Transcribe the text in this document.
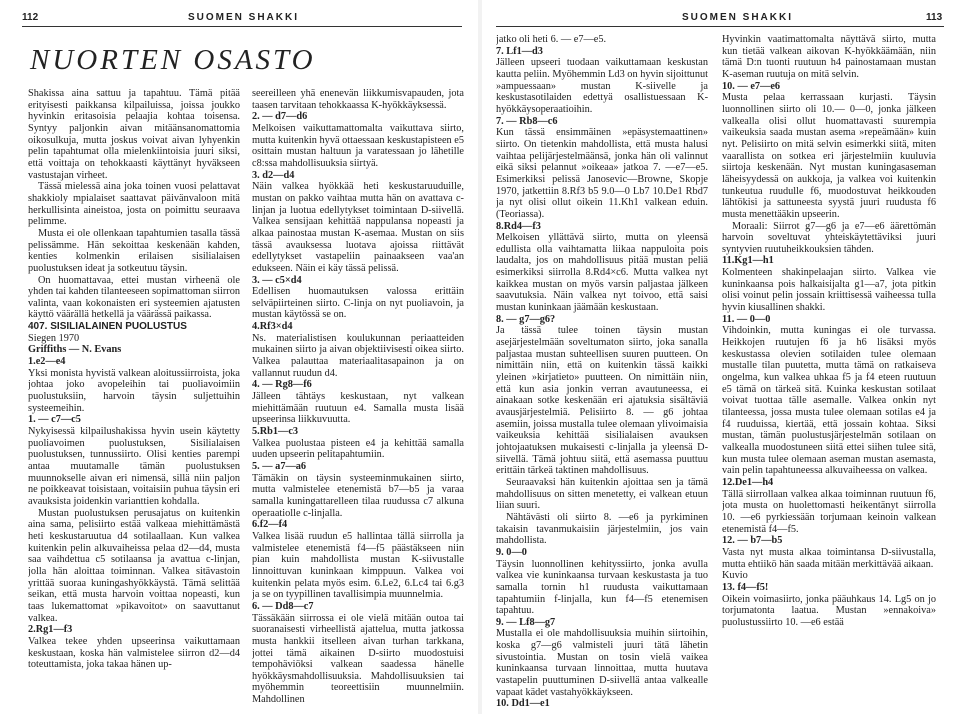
112	SUOMEN SHAKKI
NUORTEN OSASTO

Shakissa aina sattuu ja tapahtuu. Tämä pitää erityisesti paikkansa kilpailuissa, joissa joukko hyvinkin eritasoisia pelaajia kohtaa toisensa. Syntyy paljonkin aivan mitäänsanomattomia oikosulkuja, mutta joskus voivat aivan lyhyenkin pelin tapahtumat olla mielenkiintoisia juuri siksi, että voittaja on tehokkaasti käyttänyt hyväkseen vastustajan virheet.

Tässä mielessä aina joka toinen vuosi pelattavat shakkioly mpialaiset saattavat päivänvaloon mitä herkullisinta aineistoa, josta on poimittu seuraava pelimme.

Musta ei ole ollenkaan tapahtumien tasalla tässä pelissämme. Hän sekoittaa keskenään kahden, kenties kolmenkin erilaisen sisilialaisen puolustuksen ideat ja sotkeutuu täysin.

On huomattavaa, ettei mustan virheenä ole yhden tai kahden tilanteeseen sopimattoman siirron valinta, vaan kokonaisten eri systeemien ajatusten käyttö väärällä hetkellä ja väärässä paikassa.

407. SISILIALAINEN PUOLUSTUS

Siegen 1970

Griffiths — N. Evans

1.e2—e4

Yksi monista hyvistä valkean aloitussiirroista, joka johtaa joko avopeleihin tai puoliavoimiin puolustuksiin, harvoin täysin suljettuihin systeemeihin.

1. — c7—c5

Nykyisessä kilpailushakissa hyvin usein käytetty puoliavoimen puolustuksen, Sisilialaisen puolustuksen, tunnussiirto. Olisi kenties parempi antaa muutamalle tämän puolustuksen muunnokselle aivan eri nimensä, sillä niin paljon ne poikkeavat toisistaan, voitaisiin puhua täysin eri avauksista joidenkin varianttien kohdalla.

Mustan puolustuksen perusajatus on kuitenkin aina sama, pelisiirto estää valkeaa miehittämästä heti keskustaruutua d4 sotilaallaan. Kun valkea kuitenkin pelin alkuvaiheissa pelaa d2—d4, musta saa vaihdettua c5 sotilaansa ja avattua c-linjan, jolla hän aloittaa toiminnan. Valkea sitävastoin yrittää suoraa kuningashyökkäystä. Tämä selittää seikan, että musta harvoin voittaa nopeasti, kun taas lukemattomat »pikavoitot» on saavuttanut valkea.

2.Rg1—f3

Valkea tekee yhden upseerinsa vaikuttamaan keskustaan, koska hän valmistelee siirron d2—d4 toteuttamista, joka takaa hänen up-

seereilleen yhä enenevän liikkumisvapauden, jota taasen tarvitaan tehokkaassa K-hyökkäyksessä.

2. — d7—d6

Melkoisen vaikuttamattomalta vaikuttava siirto, mutta kuitenkin hyvä ottaessaan keskustapisteen e5 osittain mustan haltuun ja varatessaan jo lähetille c8:ssa mahdollisuuksia siirtyä.

3. d2—d4

Näin valkea hyökkää heti keskustaruuduille, mustan on pakko vaihtaa mutta hän on avattava c-linjan ja luotua edellytykset toimintaan D-siivellä. Valkea sensijaan kehittää nappulansa nopeasti ja alkaa painostaa mustan K-asemaa. Mustan on siis tässä avauksessa luotava ajoissa riittävät edellytykset vastapeliin painaakseen vaa'an edukseen. Näin ei käy tässä pelissä.

3. — c5×d4

Edellisen huomautuksen valossa erittäin selväpiirteinen siirto. C-linja on nyt puoliavoin, ja mustan käytössä se on.

4.Rf3×d4

Ns. materialistisen koulukunnan periaatteiden mukainen siirto ja aivan objektiivisesti oikea siirto. Valkea palauttaa materiaalitasapainon ja on vallannut ruudun d4.

4. — Rg8—f6

Jälleen tähtäys keskustaan, nyt valkean miehittämään ruutuun e4. Samalla musta lisää upseerinsa liikkuvuutta.

5.Rb1—c3

Valkea puolustaa pisteen e4 ja kehittää samalla uuden upseerin pelitapahtumiin.

5. — a7—a6

Tämäkin on täysin systeeminmukainen siirto, mutta valmistelee etenemistä b7—b5 ja varaa samalla kuningattarelleen tilaa ruudussa c7 alkuna operaatiolle c-linjalla.

6.f2—f4

Valkea lisää ruudun e5 hallintaa tällä siirrolla ja valmistelee etenemistä f4—f5 päästäkseen niin pian kuin mahdollista mustan K-siivustalle linnoittuvan kuninkaan kimppuun. Valkea voi kuitenkin pelata myös esim. 6.Le2, 6.Lc4 tai 6.g3 ja se on tyypillinen tavallisimpia muunnelmia.

6. — Dd8—c7

Tässäkään siirrossa ei ole vielä mitään outoa tai suoranaisesti virheellistä ajattelua, mutta jatkossa musta hankkii itselleen aivan turhan tarkkana, jottei tämä aikainen D-siirto muodostuisi tempohäviöksi valkean saadessa hänelle hyökkäysmahdollisuuksia. Mahdollisuuksien tai myöhemmin teoreettisiin muunnelmiin. Mahdollinen

SUOMEN SHAKKI	113

jatko oli heti 6. — e7—e5.

7. Lf1—d3

Jälleen upseeri tuodaan vaikuttamaan keskustan kautta peliin. Myöhemmin Ld3 on hyvin sijoittunut »ampuessaan» mustan K-siivelle ja keskustasotilaiden edettyä osallistuessaan K-hyökkäysoperaatioihin.

7. — Rb8—c6

Kun tässä ensimmäinen »epäsystemaattinen» siirto. On tietenkin mahdollista, että musta halusi vaihtaa pelijärjestelmäänsä, jonka hän oli valinnut eikä siksi pelannut »oikeaa» jatkoa 7. —e7—e5. Esimerkiksi pelissä Janosevic—Browne, Skopje 1970, jatkettiin 8.Rf3 b5 9.0—0 Lb7 10.De1 Rbd7 ja nyt olisi ollut oikein 11.Kh1 valkean eduin. (Teoriassa).

8.Rd4—f3

Melkoisen yllättävä siirto, mutta on yleensä edullista olla vaihtamatta liikaa nappuloita pois laudalta, jos on mahdollisuus pitää mustan peliä esimerkiksi siirrolla 8.Rd4×c6. Mutta valkea nyt kaikkea mustan on myös varsin paljastaa jälkeen saavutuksia. Näin valkea nyt toivoo, että saisi mustan kuninkaan jäämään keskustaan.

8. — g7—g6?

Ja tässä tulee toinen täysin mustan asejärjestelmään soveltumaton siirto, joka sanalla paljastaa mustan suhteellisen suuren puutteen. On nimittäin niin, että on kuitenkin tässä kaikki yleinen »kirjatieto» puutteen. On nimittäin niin, että kun asia jonkin verran avautuneessa, ei ainakaan sotke keskenään eri ajatuksia sisältäviä avausjärjestelmiä. Pelisiirto 8. — g6 johtaa asemiin, joissa mustalla tulee olemaan ylivoimaisia vaikeuksia kehittää sisilialaisen avauksen johtojaatuksen mukaisesti c-linjalla ja yleensä D-siivellä. Tämä johtuu siitä, että asemassa puuttuu erittäin tärkeä taktinen mahdollisuus.

Seuraavaksi hän kuitenkin ajoittaa sen ja tämä mahdollisuus on sitten menetetty, ei valkean etuun liian suuri.

Nähtävästi oli siirto 8. —e6 ja pyrkiminen takaisin tavanmukaisiin järjestelmiin, jos vain mahdollista.

9. 0—0

Täysin luonnollinen kehityssiirto, jonka avulla valkea vie kuninkaansa turvaan keskustasta ja tuo samalla tornin h1 ruudusta vaikuttamaan tapahtumiin f-linjalla, kun f4—f5 etenemisen tapahtuu.

9. — Lf8—g7

Mustalla ei ole mahdollisuuksia muihin siirtoihin, koska g7—g6 valmisteli juuri tätä lähetin sivustointia. Mustan on tosin vielä vaikea kuninkaansa turvaan linnoittaa, mutta huutava vastapelin puuttuminen D-siivellä antaa valkealle vapaat kädet vastahyökkäykseen.

10. Dd1—e1

Hyvinkin vaatimattomalta näyttävä siirto, mutta kun tietää valkean aikovan K-hyökkäämään, niin tämä D:n tuonti ruutuun h4 painostamaan mustan K-aseman ruutuja on mitä selvin.

10. — e7—e6

Musta pelaa kerrassaan kurjasti. Täysin luonnollinen siirto oli 10.— 0—0, jonka jälkeen valkealla olisi ollut huomattavasti suurempia vaikeuksia saada mustan asema »repeämään» kuin nyt. Pelisiirto on mitä selvin esimerkki siitä, miten vaarallista on sotkea eri järjestelmiin kuuluvia siirtoja keskenään. Nyt mustan kuningasaseman läheisyydessä on aukkoja, ja valkea voi kuitenkin tunkeutua ruudulle f6, muodostuvat heikkouden lähtökisi ja sattuneesta syystä juuri ruudusta f6 musta menettääkin upseerin.

Moraali: Siirrot g7—g6 ja e7—e6 äärettömän harvoin soveltuvat yhteiskäytettäviksi juuri syntyvien ruutuheikkouksien tähden.

11.Kg1—h1

Kolmenteen shakinpelaajan siirto. Valkea vie kuninkaansa pois halkaisijalta g1—a7, jota pitkin olisi voinut pelin jossain kriittisessä vaiheessa tulla hyvin kiusallinen shakki.

11. — 0—0

Vihdoinkin, mutta kuningas ei ole turvassa. Heikkojen ruutujen f6 ja h6 lisäksi myös keskustassa olevien sotilaiden tulee olemaan mustalle tilan puutetta, mutta tämä on ratkaiseva ongelma, kun valkea uhkaa f5 ja f4 eteen ruutuun e5 tämä on tärkeä sitä. Kuinka keskustan sotilaat voivat tuottaa tälle asemalle. Valkea onkin nyt tilanteessa, jossa musta tulee olemaan sotilas e4 ja f4 ruuduissa, kiertää, että jossain kohtaa. Siksi mustan, tämän puolustusjärjestelmän sotilaan on valkealla muodostuneen siitä ettei siihen tulee sitä, kun musta tulee olemaan aseman mustan asemasta, vain pelin tapahtuneessa alkuvaiheessa on valkea.

12.De1—h4

Tällä siirrollaan valkea alkaa toiminnan ruutuun f6, jota musta on huolettomasti heikentänyt siirrolla 10. —e6 pyrkiessään torjumaan keinoin valkean etenemistä f4—f5.

12. — b7—b5

Vasta nyt musta alkaa toimintansa D-siivustalla, mutta ehtiikö hän saada mitään merkittävää aikaan.

Kuvio

13. f4—f5!

Oikein voimasiirto, jonka pääuhkaus 14. Lg5 on jo torjumatonta laatua. Mustan »ennakoiva» puolustussiirto 10. —e6 estää
